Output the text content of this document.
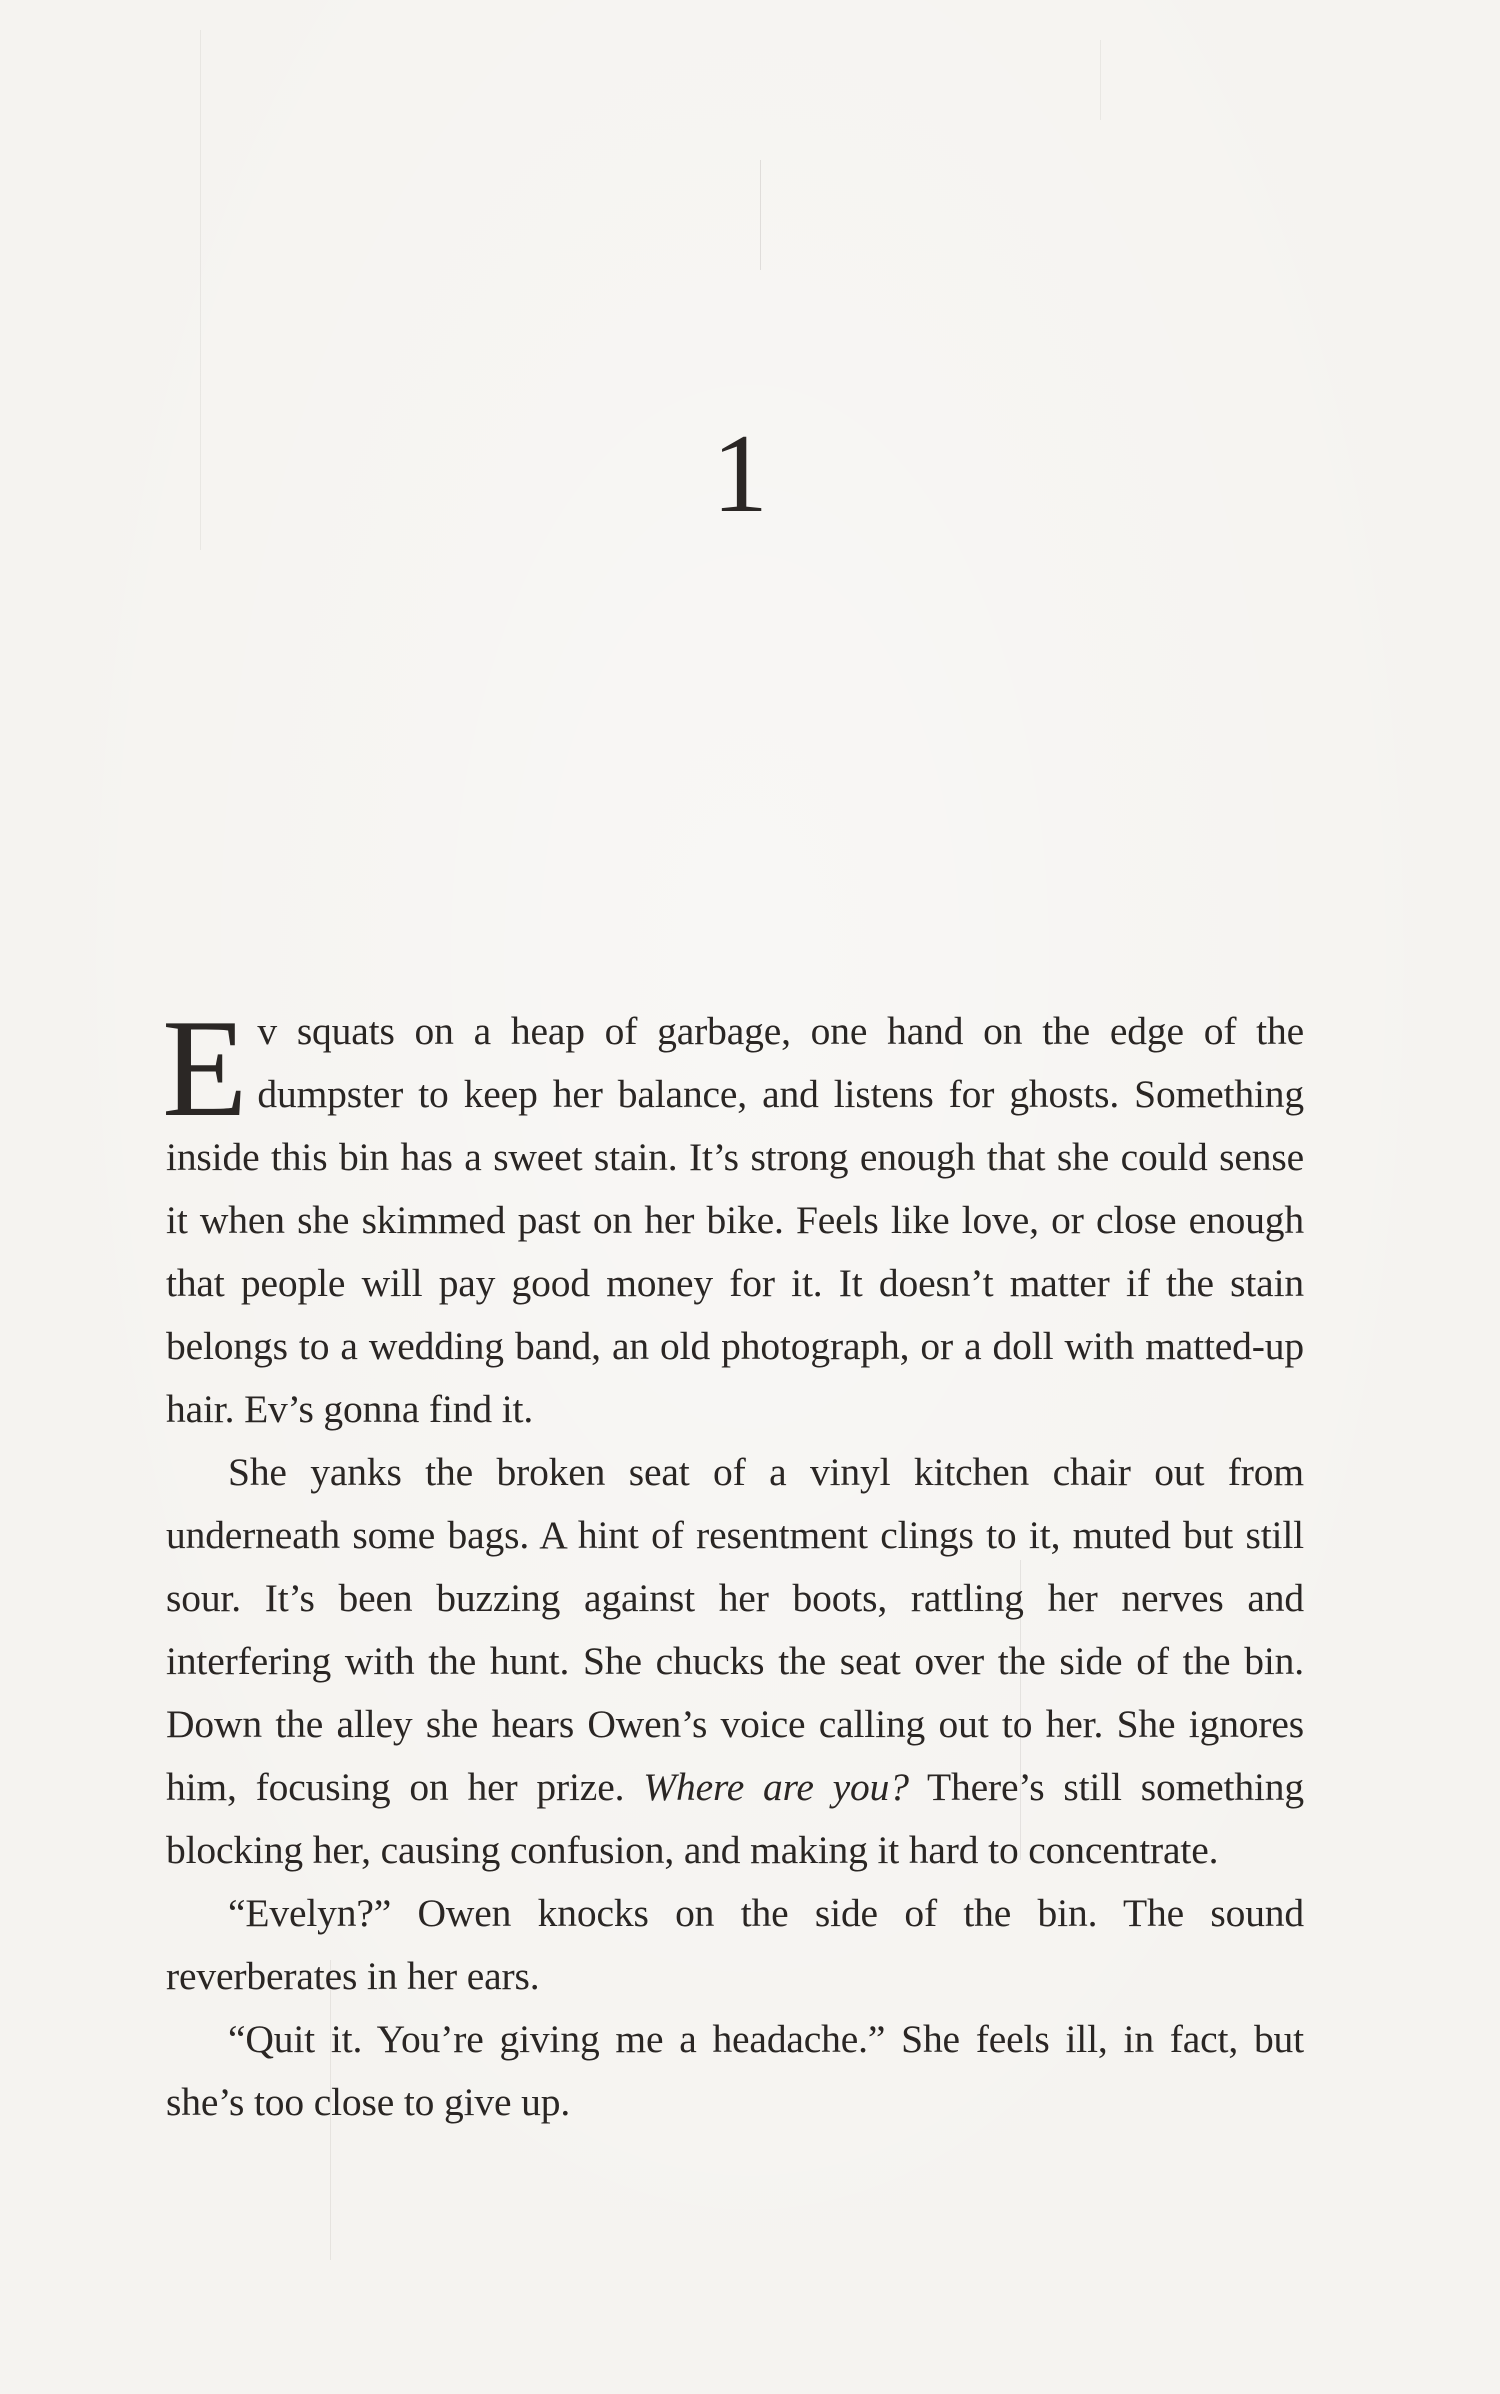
1

Ev squats on a heap of garbage, one hand on the edge of the dumpster to keep her balance, and listens for ghosts. Something inside this bin has a sweet stain. It’s strong enough that she could sense it when she skimmed past on her bike. Feels like love, or close enough that people will pay good money for it. It doesn’t matter if the stain belongs to a wedding band, an old photograph, or a doll with matted-up hair. Ev’s gonna find it.

She yanks the broken seat of a vinyl kitchen chair out from underneath some bags. A hint of resentment clings to it, muted but still sour. It’s been buzzing against her boots, rattling her nerves and interfering with the hunt. She chucks the seat over the side of the bin. Down the alley she hears Owen’s voice calling out to her. She ignores him, focusing on her prize. Where are you? There’s still something blocking her, causing confusion, and making it hard to concentrate.

“Evelyn?” Owen knocks on the side of the bin. The sound reverberates in her ears.

“Quit it. You’re giving me a headache.” She feels ill, in fact, but she’s too close to give up.
